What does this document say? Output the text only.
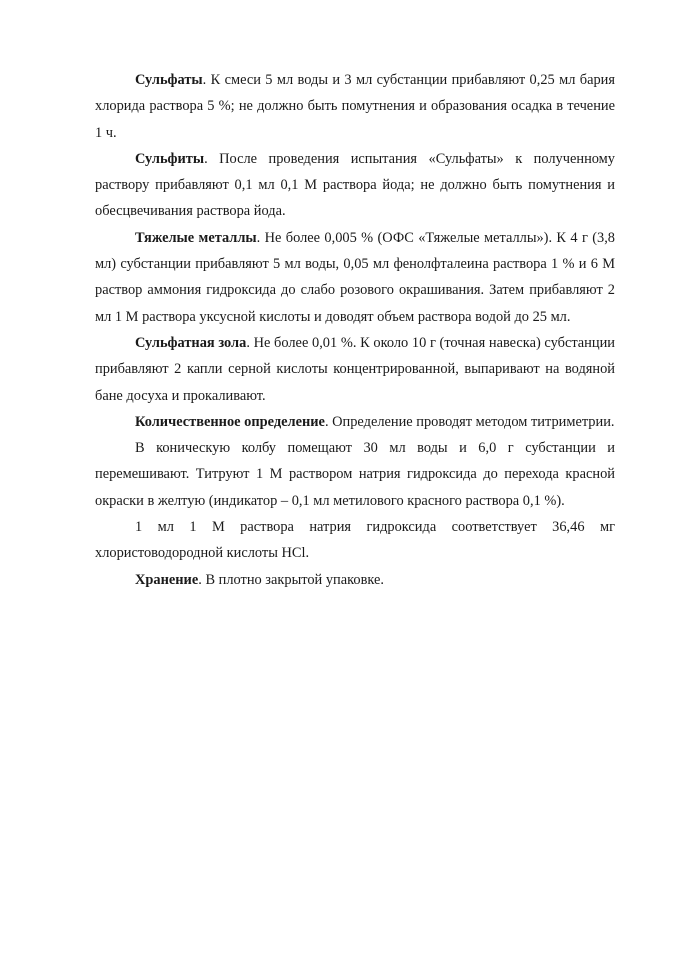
Сульфаты. К смеси 5 мл воды и 3 мл субстанции прибавляют 0,25 мл бария хлорида раствора 5 %; не должно быть помутнения и образования осадка в течение 1 ч.

Сульфиты. После проведения испытания «Сульфаты» к полученному раствору прибавляют 0,1 мл 0,1 М раствора йода; не должно быть помутнения и обесцвечивания раствора йода.

Тяжелые металлы. Не более 0,005 % (ОФС «Тяжелые металлы»). К 4 г (3,8 мл) субстанции прибавляют 5 мл воды, 0,05 мл фенолфталеина раствора 1 % и 6 М раствор аммония гидроксида до слабо розового окрашивания. Затем прибавляют 2 мл 1 М раствора уксусной кислоты и доводят объем раствора водой до 25 мл.

Сульфатная зола. Не более 0,01 %. К около 10 г (точная навеска) субстанции прибавляют 2 капли серной кислоты концентрированной, выпаривают на водяной бане досуха и прокаливают.

Количественное определение. Определение проводят методом титриметрии.

В коническую колбу помещают 30 мл воды и 6,0 г субстанции и перемешивают. Титруют 1 М раствором натрия гидроксида до перехода красной окраски в желтую (индикатор – 0,1 мл метилового красного раствора 0,1 %).

1 мл 1 М раствора натрия гидроксида соответствует 36,46 мг хлористоводородной кислоты HCl.

Хранение. В плотно закрытой упаковке.
